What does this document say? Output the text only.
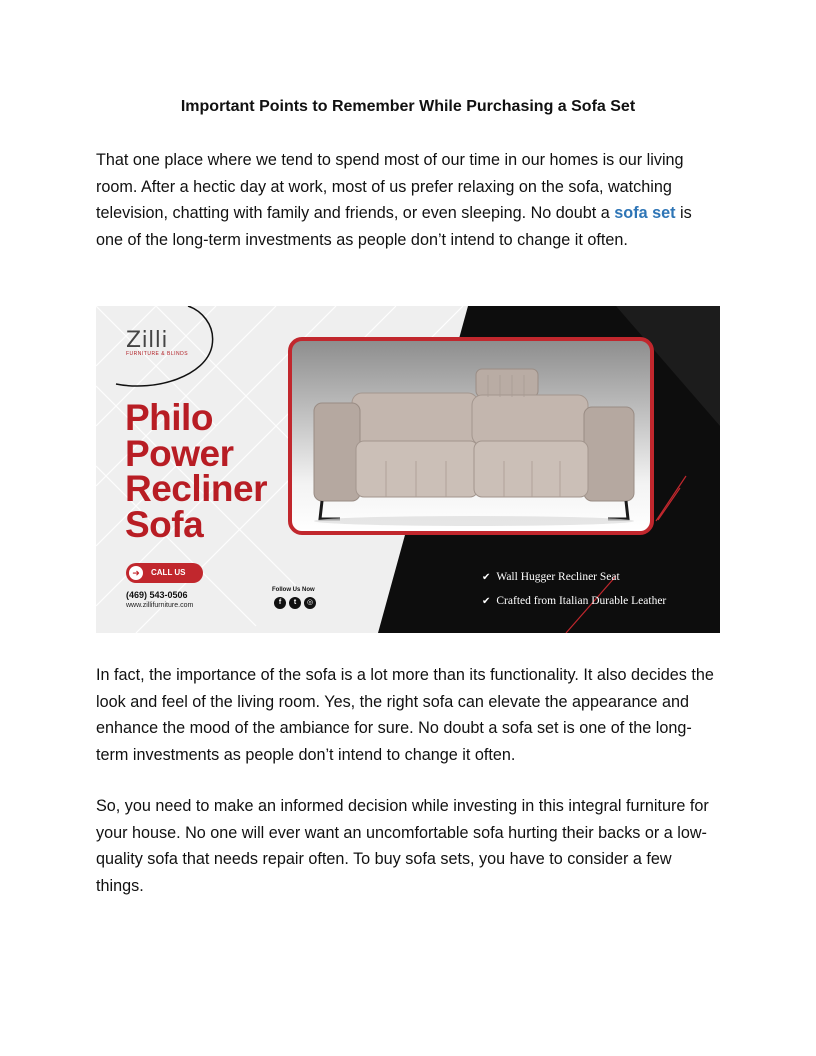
Important Points to Remember While Purchasing a Sofa Set

That one place where we tend to spend most of our time in our homes is our living room. After a hectic day at work, most of us prefer relaxing on the sofa, watching television, chatting with family and friends, or even sleeping. No doubt a sofa set is one of the long-term investments as people don’t intend to change it often.

Zilli
FURNITURE & BLINDS
Philo
Power
Recliner
Sofa
➜	CALL US
(469) 543-0506
www.zillifurniture.com
Follow Us Now
f	t	◎
✔ Wall Hugger Recliner Seat
✔ Crafted from Italian Durable Leather

In fact, the importance of the sofa is a lot more than its functionality. It also decides the look and feel of the living room. Yes, the right sofa can elevate the appearance and enhance the mood of the ambiance for sure. No doubt a sofa set is one of the long-term investments as people don’t intend to change it often.

So, you need to make an informed decision while investing in this integral furniture for your house. No one will ever want an uncomfortable sofa hurting their backs or a low-quality sofa that needs repair often. To buy sofa sets, you have to consider a few things.
